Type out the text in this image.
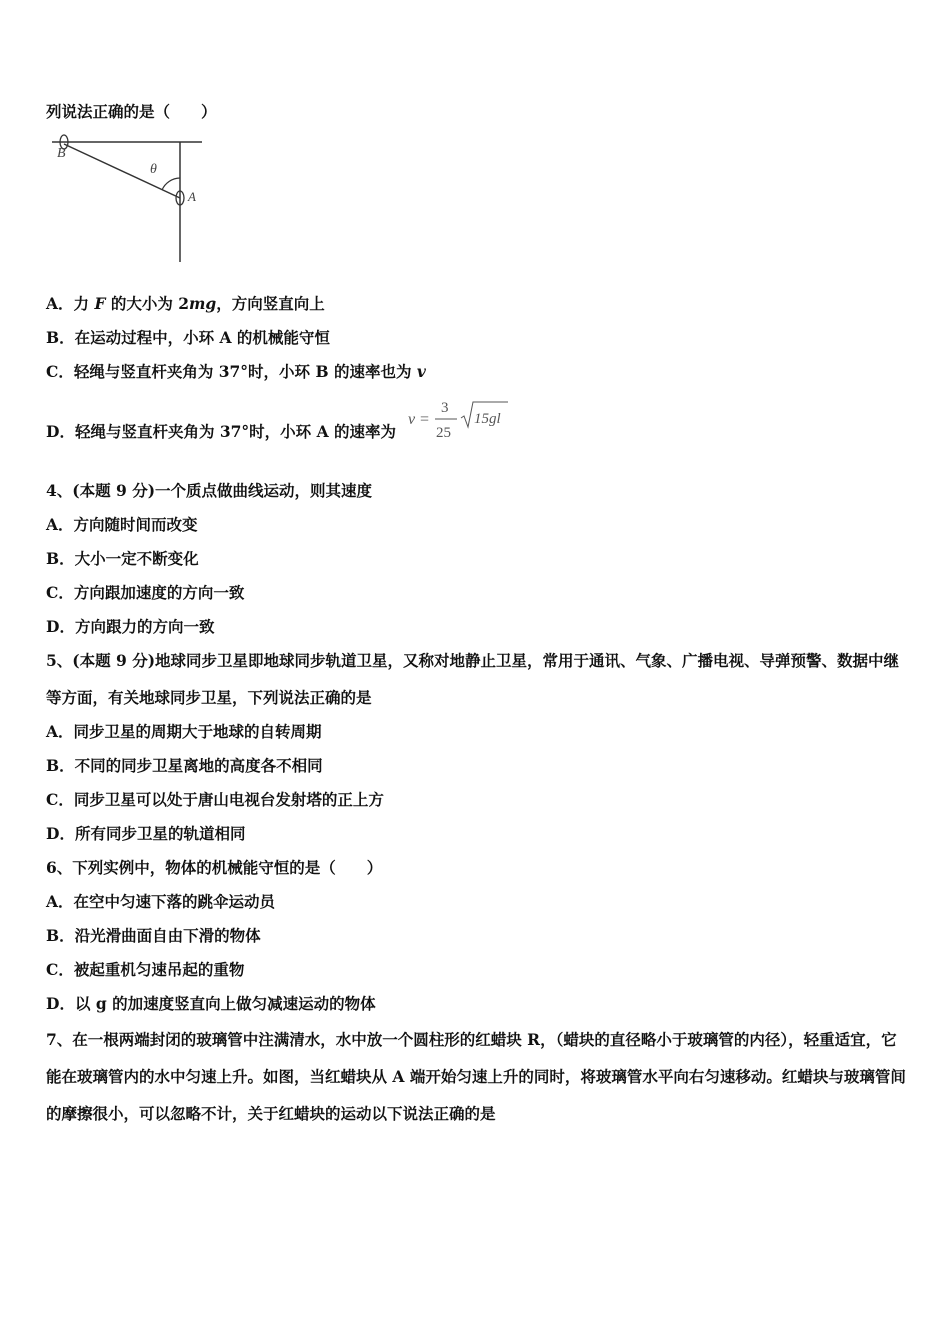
列说法正确的是（　　）
B
A
θ
A．力 F 的大小为 2mg，方向竖直向上
B．在运动过程中，小环 A 的机械能守恒
C．轻绳与竖直杆夹角为 37°时，小环 B 的速率也为 v
D．轻绳与竖直杆夹角为 37°时，小环 A 的速率为
v =
3
25
15gl
4、(本题 9 分)一个质点做曲线运动，则其速度
A．方向随时间而改变
B．大小一定不断变化
C．方向跟加速度的方向一致
D．方向跟力的方向一致
5、(本题 9 分)地球同步卫星即地球同步轨道卫星，又称对地静止卫星，常用于通讯、气象、广播电视、导弹预警、数据中继等方面，有关地球同步卫星，下列说法正确的是
A．同步卫星的周期大于地球的自转周期
B．不同的同步卫星离地的高度各不相同
C．同步卫星可以处于唐山电视台发射塔的正上方
D．所有同步卫星的轨道相同
6、下列实例中，物体的机械能守恒的是（　　）
A．在空中匀速下落的跳伞运动员
B．沿光滑曲面自由下滑的物体
C．被起重机匀速吊起的重物
D．以 g 的加速度竖直向上做匀减速运动的物体
7、在一根两端封闭的玻璃管中注满清水，水中放一个圆柱形的红蜡块 R，（蜡块的直径略小于玻璃管的内径），轻重适宜，它能在玻璃管内的水中匀速上升。如图，当红蜡块从 A 端开始匀速上升的同时，将玻璃管水平向右匀速移动。红蜡块与玻璃管间的摩擦很小，可以忽略不计，关于红蜡块的运动以下说法正确的是
